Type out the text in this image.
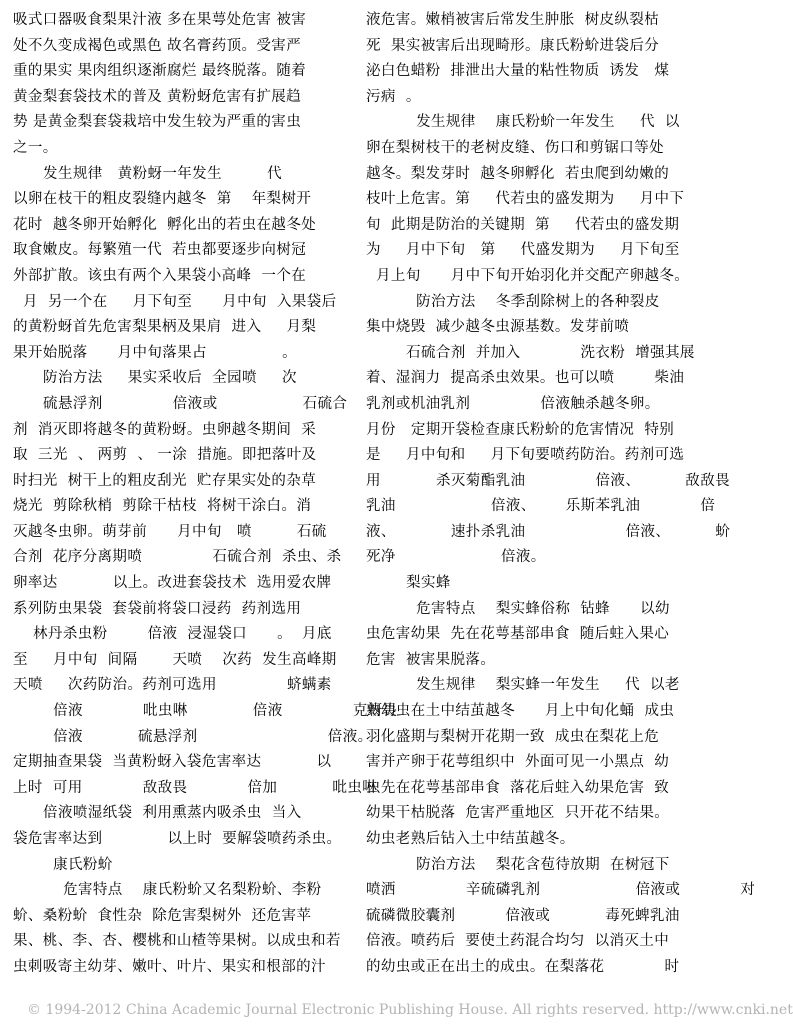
吸式口器吸食梨果汁液 多在果萼处危害 被害
处不久变成褐色或黑色 故名膏药顶。受害严
重的果实 果肉组织逐渐腐烂 最终脱落。随着
黄金梨套袋技术的普及 黄粉蚜危害有扩展趋
势 是黄金梨套袋栽培中发生较为严重的害虫
之一。
发生规律   黄粉蚜一年发生         代
以卵在枝干的粗皮裂缝内越冬  第    年梨树开
花时  越冬卵开始孵化  孵化出的若虫在越冬处
取食嫩皮。每繁殖一代  若虫都要逐步向树冠
外部扩散。该虫有两个入果袋小高峰  一个在
月  另一个在     月下旬至      月中旬  入果袋后
的黄粉蚜首先危害梨果柄及果肩  进入     月梨
果开始脱落      月中旬落果占               。
防治方法     果实采收后  全园喷     次
硫悬浮剂              倍液或                 石硫合
剂  消灭即将越冬的黄粉蚜。虫卵越冬期间  采
取  三光  、 两剪  、 一涂  措施。即把落叶及
时扫光  树干上的粗皮刮光  贮存果实处的杂草
烧光  剪除秋梢  剪除干枯枝  将树干涂白。消
灭越冬虫卵。萌芽前      月中旬   喷         石硫
合剂  花序分离期喷              石硫合剂  杀虫、杀
卵率达           以上。改进套袋技术  选用爱农牌
系列防虫果袋  套袋前将袋口浸药  药剂选用
林丹杀虫粉        倍液  浸湿袋口      。  月底
至     月中旬  间隔       天喷    次药  发生高峰期
天喷     次药防治。药剂可选用              蛴螨素
倍液            吡虫啉             倍液              克蚜畏
倍液           硫悬浮剂                          倍液。
定期抽查果袋  当黄粉蚜入袋危害率达           以
上时  可用            敌敌畏            倍加           吡虫啉
倍液喷湿纸袋  利用熏蒸内吸杀虫  当入
袋危害率达到             以上时  要解袋喷药杀虫。
康氏粉蚧
危害特点    康氏粉蚧又名梨粉蚧、李粉
蚧、桑粉蚧  食性杂  除危害梨树外  还危害苹
果、桃、李、杏、樱桃和山楂等果树。以成虫和若
虫刺吸寄主幼芽、嫩叶、叶片、果实和根部的汁
液危害。嫩梢被害后常发生肿胀  树皮纵裂枯
死  果实被害后出现畸形。康氏粉蚧进袋后分
泌白色蜡粉  排泄出大量的粘性物质  诱发   煤
污病  。
发生规律    康氏粉蚧一年发生     代  以
卵在梨树枝干的老树皮缝、伤口和剪锯口等处
越冬。梨发芽时  越冬卵孵化  若虫爬到幼嫩的
枝叶上危害。第     代若虫的盛发期为     月中下
旬  此期是防治的关键期  第     代若虫的盛发期
为     月中下旬   第     代盛发期为     月下旬至
月上旬      月中下旬开始羽化并交配产卵越冬。
防治方法    冬季刮除树上的各种裂皮
集中烧毁  减少越冬虫源基数。发芽前喷
石硫合剂  并加入            洗衣粉  增强其展
着、湿润力  提高杀虫效果。也可以喷        柴油
乳剂或机油乳剂              倍液触杀越冬卵。
月份   定期开袋检查康氏粉蚧的危害情况  特别
是     月中旬和     月下旬要喷药防治。药剂可选
用           杀灭菊酯乳油              倍液、         敌敌畏
乳油                   倍液、      乐斯苯乳油            倍
液、           速扑杀乳油                    倍液、         蚧
死净                     倍液。
梨实蜂
危害特点    梨实蜂俗称  钻蜂      以幼
虫危害幼果  先在花萼基部串食  随后蛀入果心
危害  被害果脱落。
发生规律    梨实蜂一年发生     代  以老
熟幼虫在土中结茧越冬      月上中旬化蛹  成虫
羽化盛期与梨树开花期一致  成虫在梨花上危
害并产卵于花萼组织中  外面可见一小黑点  幼
虫先在花萼基部串食  落花后蛀入幼果危害  致
幼果干枯脱落  危害严重地区  只开花不结果。
幼虫老熟后钻入土中结茧越冬。
防治方法    梨花含苞待放期  在树冠下
喷洒              辛硫磷乳剂                   倍液或            对
硫磷微胶囊剂          倍液或           毒死蜱乳油
倍液。喷药后  要使土药混合均匀  以消灭土中
的幼虫或正在出土的成虫。在梨落花            时
© 1994-2012 China Academic Journal Electronic Publishing House. All rights reserved. http://www.cnki.net
